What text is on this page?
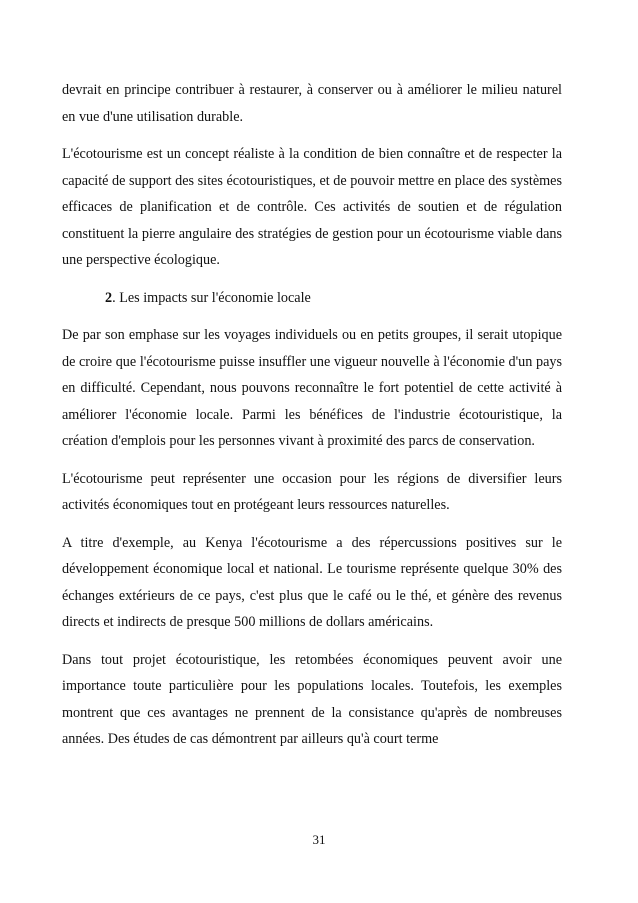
devrait en principe contribuer à restaurer, à conserver ou à améliorer le milieu naturel en vue d'une utilisation durable.

L'écotourisme est un concept réaliste à la condition de bien connaître et de respecter la capacité de support des sites écotouristiques, et de pouvoir mettre en place des systèmes efficaces de planification et de contrôle. Ces activités de soutien et de régulation constituent la pierre angulaire des stratégies de gestion pour un écotourisme viable dans une perspective écologique.

2. Les impacts sur l'économie locale

De par son emphase sur les voyages individuels ou en petits groupes, il serait utopique de croire que l'écotourisme puisse insuffler une vigueur nouvelle à l'économie d'un pays en difficulté. Cependant, nous pouvons reconnaître le fort potentiel de cette activité à améliorer l'économie locale. Parmi les bénéfices de l'industrie écotouristique, la création d'emplois pour les personnes vivant à proximité des parcs de conservation.

L'écotourisme peut représenter une occasion pour les régions de diversifier leurs activités économiques tout en protégeant leurs ressources naturelles.

A titre d'exemple, au Kenya l'écotourisme a des répercussions positives sur le développement économique local et national. Le tourisme représente quelque 30% des échanges extérieurs de ce pays, c'est plus que le café ou le thé, et génère des revenus directs et indirects de presque 500 millions de dollars américains.

Dans tout projet écotouristique, les retombées économiques peuvent avoir une importance toute particulière pour les populations locales. Toutefois, les exemples montrent que ces avantages ne prennent de la consistance qu'après de nombreuses années. Des études de cas démontrent par ailleurs qu'à court terme

31
